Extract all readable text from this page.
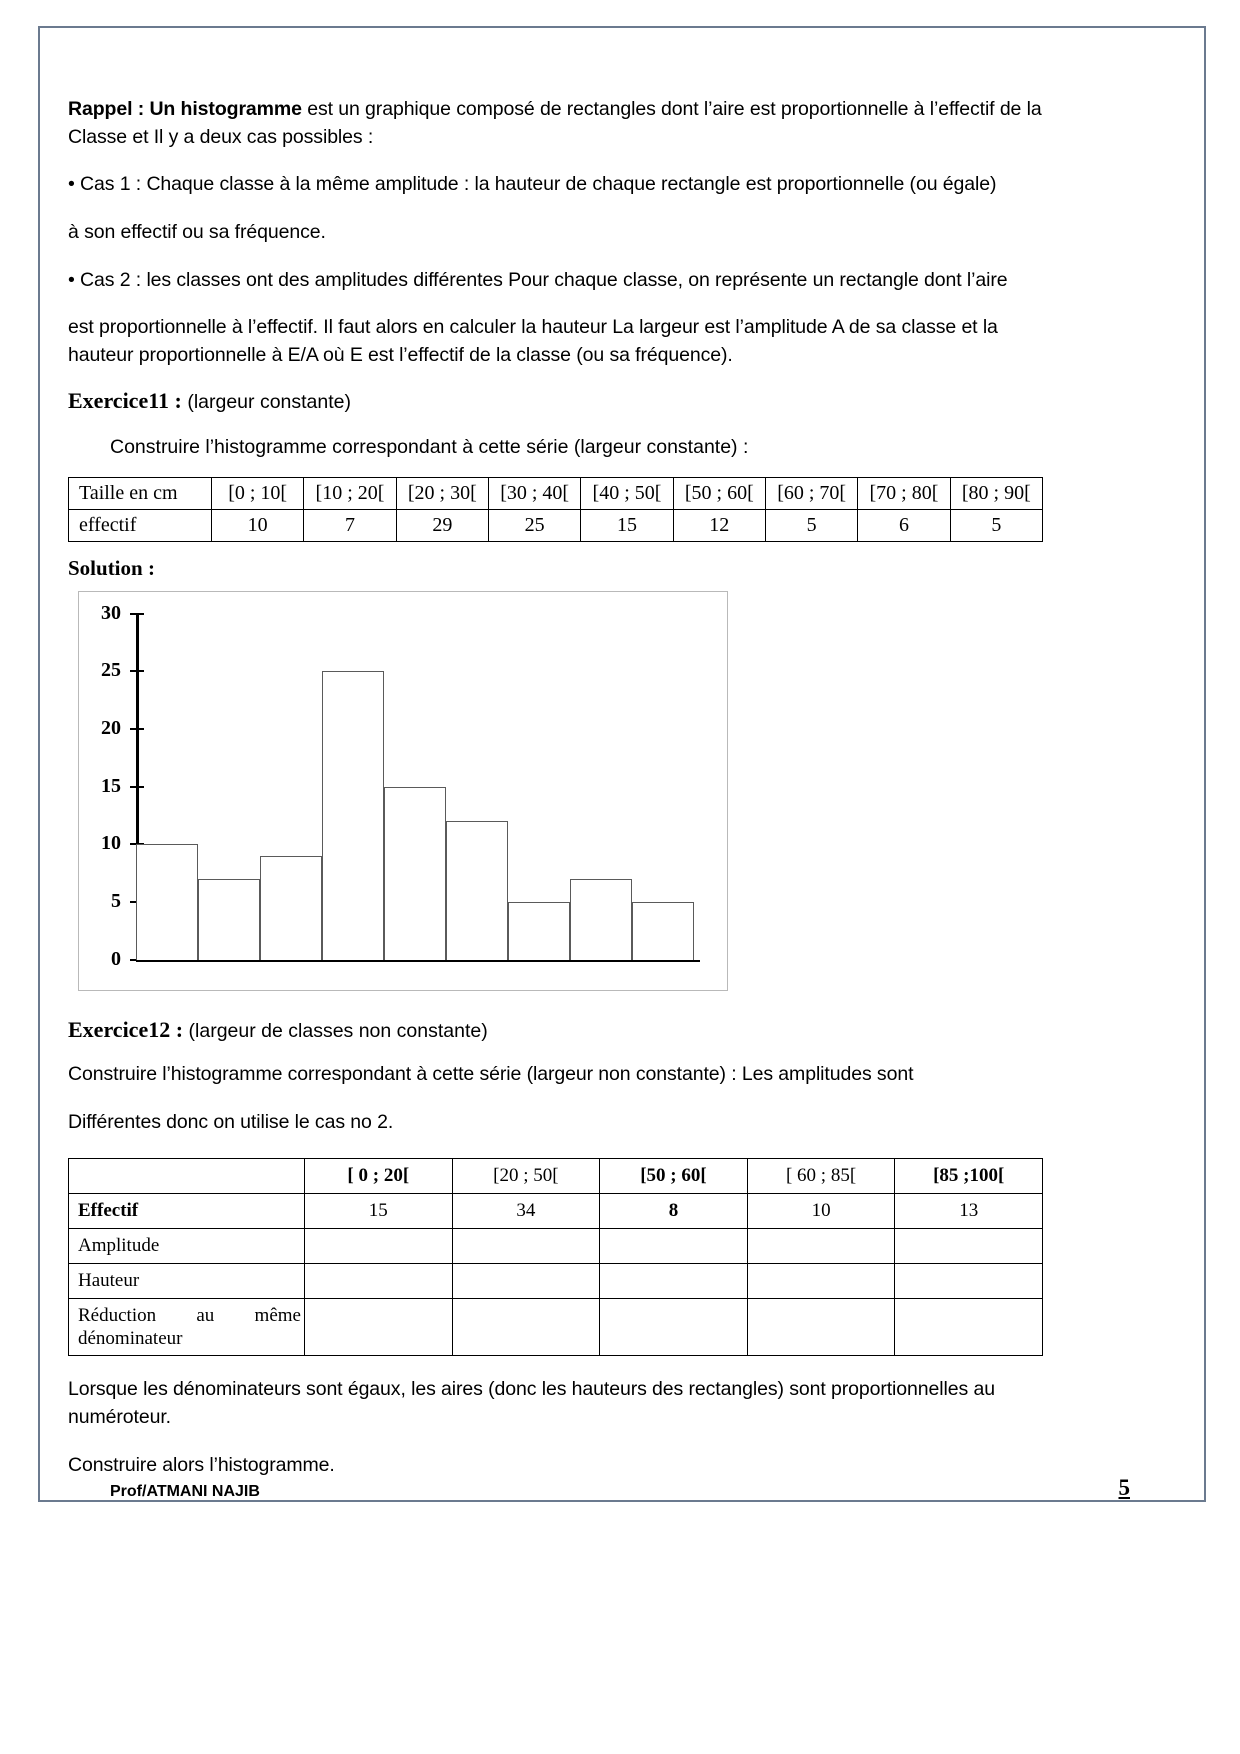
Rappel : Un histogramme est un graphique composé de rectangles dont l’aire est proportionnelle à l’effectif de la Classe et Il y a deux cas possibles :

• Cas 1 : Chaque classe à la même amplitude : la hauteur de chaque rectangle est proportionnelle (ou égale)

à son effectif ou sa fréquence.

• Cas 2 : les classes ont des amplitudes différentes Pour chaque classe, on représente un rectangle dont l’aire

est proportionnelle à l’effectif. Il faut alors en calculer la hauteur La largeur est l’amplitude A de sa classe et la hauteur proportionnelle à E/A où E est l’effectif de la classe (ou sa fréquence).

Exercice11 : (largeur constante)
Construire l’histogramme correspondant à cette série (largeur constante) :
Taille en cm	[0 ; 10[	[10 ; 20[	[20 ; 30[	[30 ; 40[	[40 ; 50[	[50 ; 60[	[60 ; 70[	[70 ; 80[	[80 ; 90[
effectif	10	7	29	25	15	12	5	6	5
Solution :
0
5
10
15
20
25
30
Exercice12 : (largeur de classes non constante)

Construire l’histogramme correspondant à cette série (largeur non constante) : Les amplitudes sont

Différentes donc on utilise le cas no 2.

	[ 0 ; 20[	[20 ; 50[	[50 ; 60[	[ 60 ; 85[	[85 ;100[
Effectif	15	34	8	10	13
Amplitude					
Hauteur					

Réduction au même dénominateur					

Lorsque les dénominateurs sont égaux, les aires (donc les hauteurs des rectangles) sont proportionnelles au numéroteur.

Construire alors l’histogramme.

Prof/ATMANI NAJIB	5
